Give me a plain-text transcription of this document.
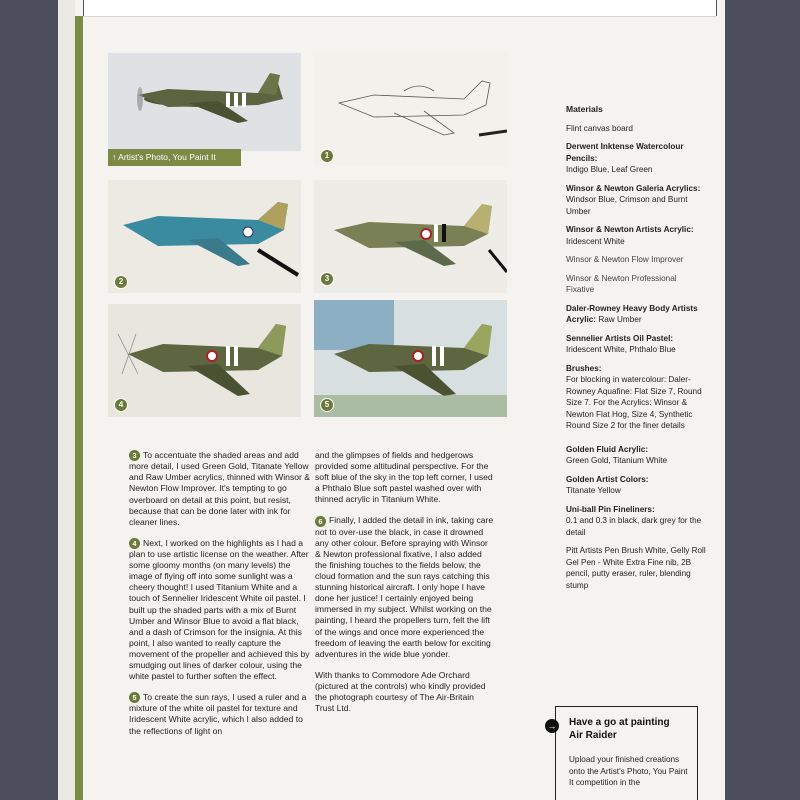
↑ Artist's Photo, You Paint It	1
2	3
4	5

3 To accentuate the shaded areas and add more detail, I used Green Gold, Titanate Yellow and Raw Umber acrylics, thinned with Winsor & Newton Flow Improver. It's tempting to go overboard on detail at this point, but resist, because that can be done later with ink for cleaner lines.

4 Next, I worked on the highlights as I had a plan to use artistic license on the weather. After some gloomy months (on many levels) the image of flying off into some sunlight was a cheery thought! I used Titanium White and a touch of Sennelier Iridescent White oil pastel. I built up the shaded parts with a mix of Burnt Umber and Winsor Blue to avoid a flat black, and a dash of Crimson for the insignia. At this point, I also wanted to really capture the movement of the propeller and achieved this by smudging out lines of darker colour, using the white pastel to further soften the effect.

5 To create the sun rays, I used a ruler and a mixture of the white oil pastel for texture and Iridescent White acrylic, which I also added to the reflections of light on

and the glimpses of fields and hedgerows provided some altitudinal perspective. For the soft blue of the sky in the top left corner, I used a Phthalo Blue soft pastel washed over with thinned acrylic in Titanium White.

6 Finally, I added the detail in ink, taking care not to over-use the black, in case it drowned any other colour. Before spraying with Winsor & Newton professional fixative, I also added the finishing touches to the fields below, the cloud formation and the sun rays catching this stunning historical aircraft. I only hope I have done her justice! I certainly enjoyed being immersed in my subject. Whilst working on the painting, I heard the propellers turn, felt the lift of the wings and once more experienced the freedom of leaving the earth below for exciting adventures in the wide blue yonder.

With thanks to Commodore Ade Orchard (pictured at the controls) who kindly provided the photograph courtesy of The Air-Britain Trust Ltd.

Materials
Flint canvas board
Derwent Inktense Watercolour Pencils:
Indigo Blue, Leaf Green
Winsor & Newton Galeria Acrylics: Windsor Blue, Crimson and Burnt Umber
Winsor & Newton Artists Acrylic: Iridescent White
Winsor & Newton Flow Improver
Winsor & Newton Professional Fixative
Daler-Rowney Heavy Body Artists Acrylic: Raw Umber
Sennelier Artists Oil Pastel:
Iridescent White, Phthalo Blue
Brushes:
For blocking in watercolour: Daler-Rowney Aquafine: Flat Size 7, Round Size 7. For the Acrylics: Winsor & Newton Flat Hog, Size 4, Synthetic Round Size 2 for the finer details
Golden Fluid Acrylic:
Green Gold, Titanium White
Golden Artist Colors:
Titanate Yellow
Uni-ball Pin Fineliners:
0.1 and 0.3 in black, dark grey for the detail
Pitt Artists Pen Brush White, Gelly Roll Gel Pen - White Extra Fine nib, 2B pencil, putty eraser, ruler, blending stump
→ Have a go at painting Air Raider
Upload your finished creations onto the Artist's Photo, You Paint It competition in the
